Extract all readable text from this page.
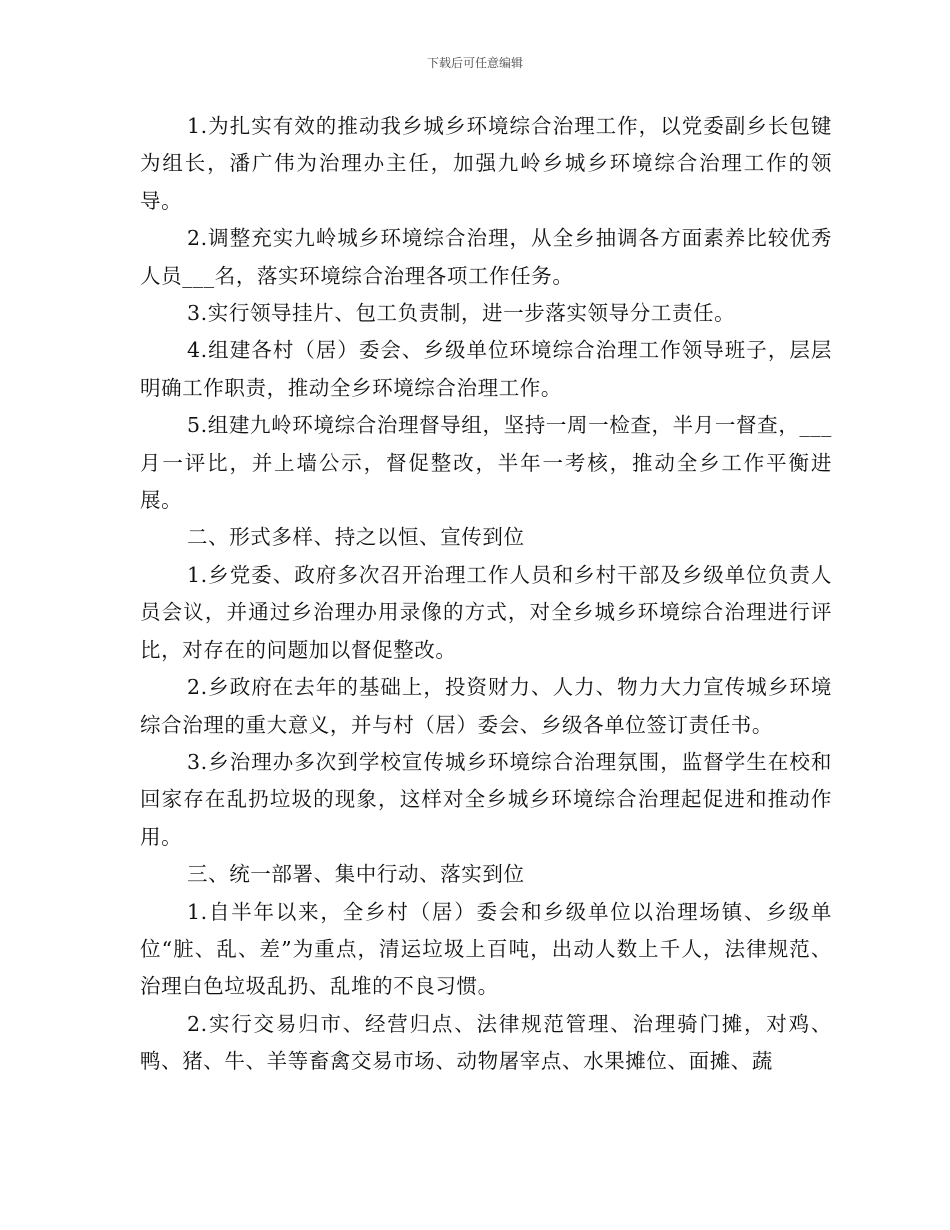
下载后可任意编辑

1.为扎实有效的推动我乡城乡环境综合治理工作，以党委副乡长包键为组长，潘广伟为治理办主任，加强九岭乡城乡环境综合治理工作的领导。

2.调整充实九岭城乡环境综合治理，从全乡抽调各方面素养比较优秀人员___名，落实环境综合治理各项工作任务。

3.实行领导挂片、包工负责制，进一步落实领导分工责任。

4.组建各村（居）委会、乡级单位环境综合治理工作领导班子，层层明确工作职责，推动全乡环境综合治理工作。

5.组建九岭环境综合治理督导组，坚持一周一检查，半月一督查，___月一评比，并上墙公示，督促整改，半年一考核，推动全乡工作平衡进展。

二、形式多样、持之以恒、宣传到位

1.乡党委、政府多次召开治理工作人员和乡村干部及乡级单位负责人员会议，并通过乡治理办用录像的方式，对全乡城乡环境综合治理进行评比，对存在的问题加以督促整改。

2.乡政府在去年的基础上，投资财力、人力、物力大力宣传城乡环境综合治理的重大意义，并与村（居）委会、乡级各单位签订责任书。

3.乡治理办多次到学校宣传城乡环境综合治理氛围，监督学生在校和回家存在乱扔垃圾的现象，这样对全乡城乡环境综合治理起促进和推动作用。

三、统一部署、集中行动、落实到位

1.自半年以来，全乡村（居）委会和乡级单位以治理场镇、乡级单位“脏、乱、差”为重点，清运垃圾上百吨，出动人数上千人，法律规范、治理白色垃圾乱扔、乱堆的不良习惯。

2.实行交易归市、经营归点、法律规范管理、治理骑门摊，对鸡、鸭、猪、牛、羊等畜禽交易市场、动物屠宰点、水果摊位、面摊、蔬
